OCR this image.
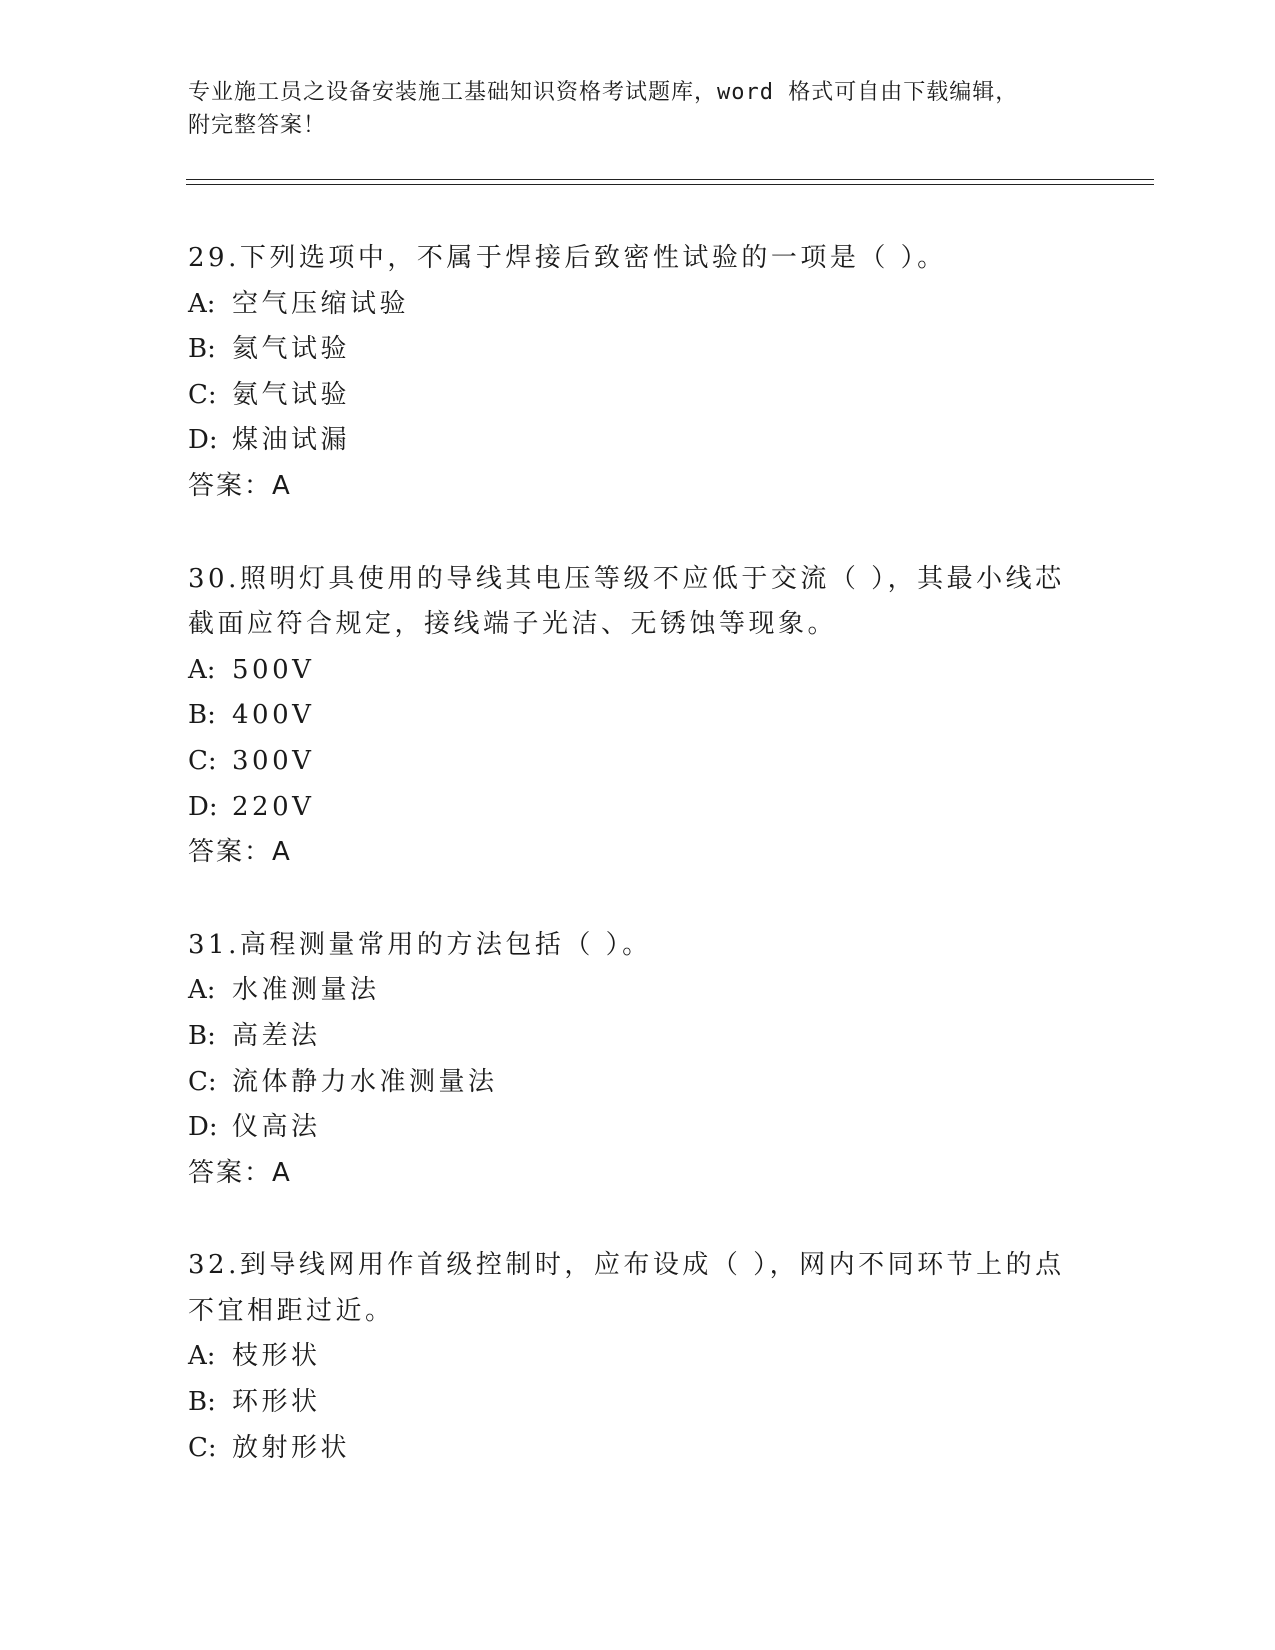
专业施工员之设备安装施工基础知识资格考试题库，word 格式可自由下载编辑，
附完整答案！
29.下列选项中，不属于焊接后致密性试验的一项是（ ）。
A: 空气压缩试验
B: 氦气试验
C: 氨气试验
D: 煤油试漏
答案：A
30.照明灯具使用的导线其电压等级不应低于交流（ ），其最小线芯截面应符合规定，接线端子光洁、无锈蚀等现象。
A: 500V
B: 400V
C: 300V
D: 220V
答案：A
31.高程测量常用的方法包括（ ）。
A: 水准测量法
B: 高差法
C: 流体静力水准测量法
D: 仪高法
答案：A
32.到导线网用作首级控制时，应布设成（ ），网内不同环节上的点不宜相距过近。
A: 枝形状
B: 环形状
C: 放射形状
